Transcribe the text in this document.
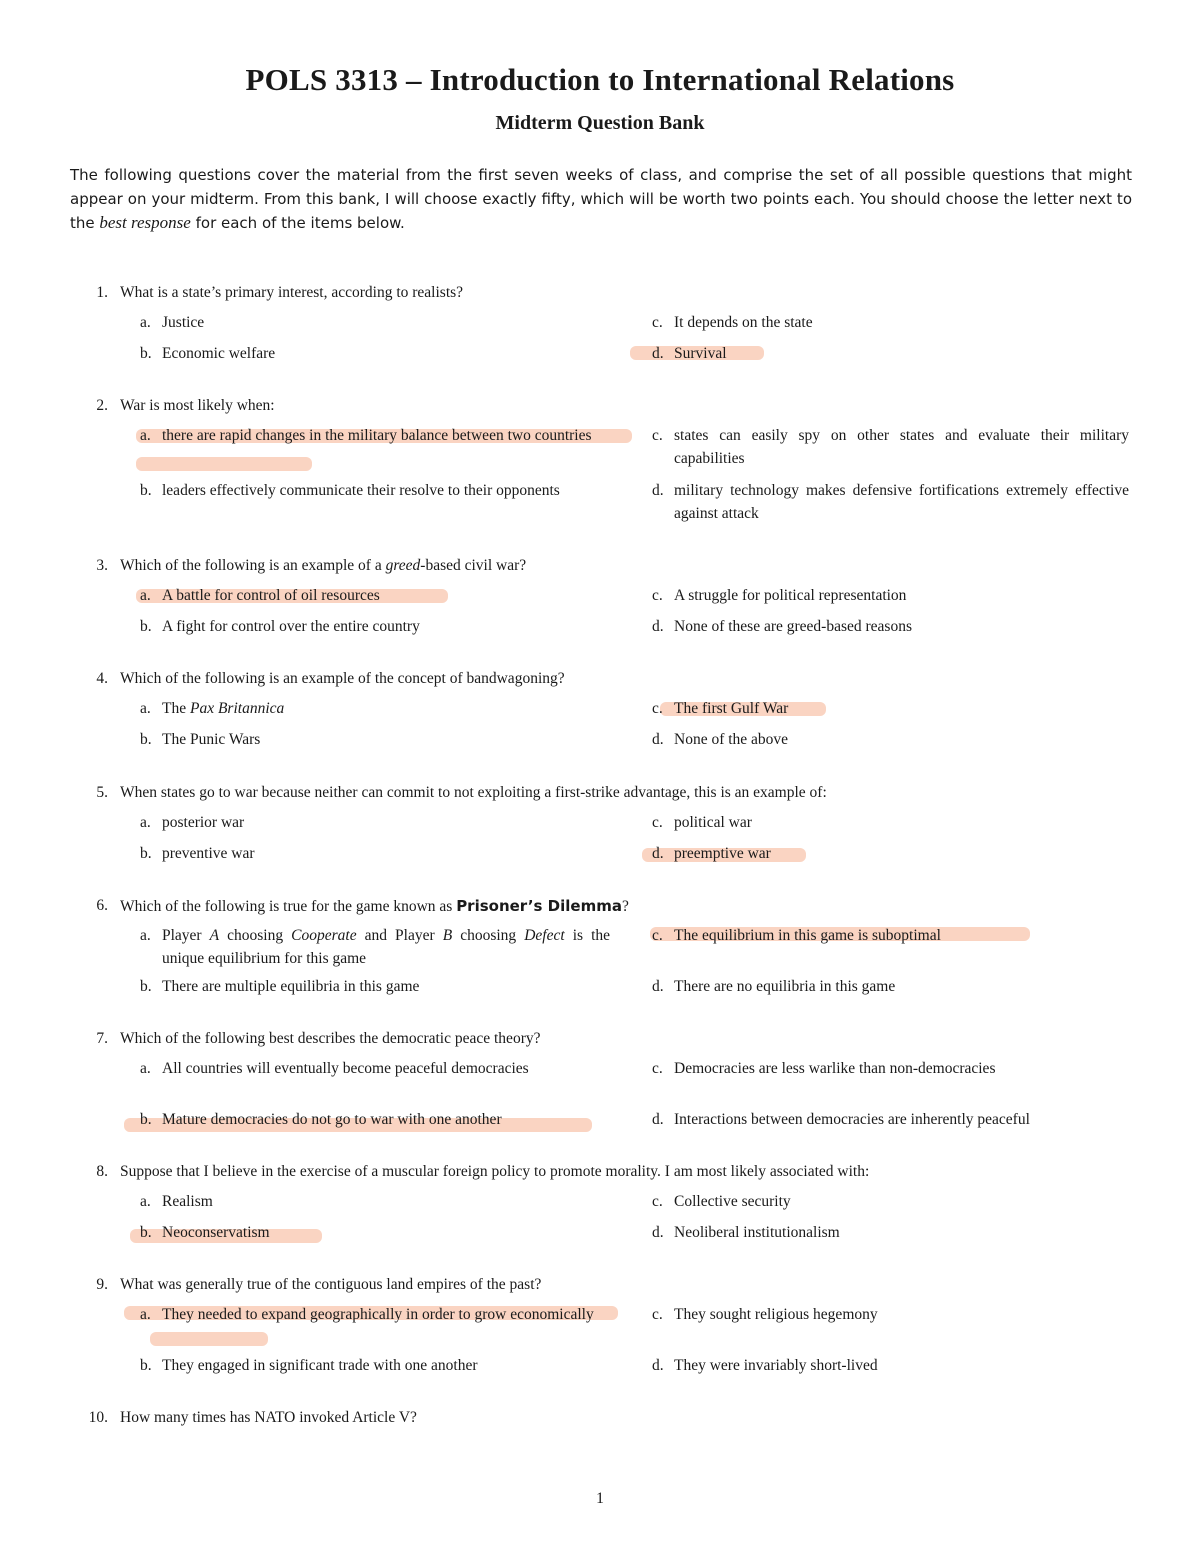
POLS 3313 – Introduction to International Relations
Midterm Question Bank
The following questions cover the material from the first seven weeks of class, and comprise the set of all possible questions that might appear on your midterm. From this bank, I will choose exactly fifty, which will be worth two points each. You should choose the letter next to the best response for each of the items below.
1. What is a state’s primary interest, according to realists?
a. Justice
b. Economic welfare
c. It depends on the state
d. Survival
2. War is most likely when:
a. there are rapid changes in the military balance between two countries
b. leaders effectively communicate their resolve to their opponents
c. states can easily spy on other states and evaluate their military capabilities
d. military technology makes defensive fortifications extremely effective against attack
3. Which of the following is an example of a greed-based civil war?
a. A battle for control of oil resources
b. A fight for control over the entire country
c. A struggle for political representation
d. None of these are greed-based reasons
4. Which of the following is an example of the concept of bandwagoning?
a. The Pax Britannica
b. The Punic Wars
c. The first Gulf War
d. None of the above
5. When states go to war because neither can commit to not exploiting a first-strike advantage, this is an example of:
a. posterior war
b. preventive war
c. political war
d. preemptive war
6. Which of the following is true for the game known as Prisoner’s Dilemma?
a. Player A choosing Cooperate and Player B choosing Defect is the unique equilibrium for this game
b. There are multiple equilibria in this game
c. The equilibrium in this game is suboptimal
d. There are no equilibria in this game
7. Which of the following best describes the democratic peace theory?
a. All countries will eventually become peaceful democracies
b. Mature democracies do not go to war with one another
c. Democracies are less warlike than non-democracies
d. Interactions between democracies are inherently peaceful
8. Suppose that I believe in the exercise of a muscular foreign policy to promote morality. I am most likely associated with:
a. Realism
b. Neoconservatism
c. Collective security
d. Neoliberal institutionalism
9. What was generally true of the contiguous land empires of the past?
a. They needed to expand geographically in order to grow economically
b. They engaged in significant trade with one another
c. They sought religious hegemony
d. They were invariably short-lived
10. How many times has NATO invoked Article V?
1
